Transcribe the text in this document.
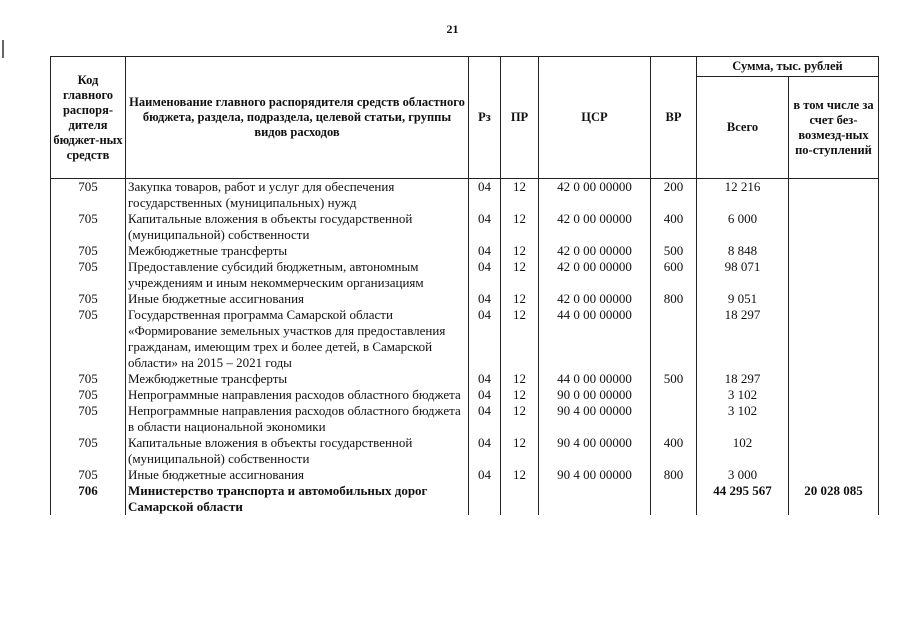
21
Код главного распоря-дителя бюджет-ных средств	Наименование главного распорядителя средств областного бюджета, раздела, подраздела, целевой статьи, группы видов расходов	Рз	ПР	ЦСР	ВР	Сумма, тыс. рублей	
						Всего	в том числе за счет без-возмезд-ных по-ступлений
705	Закупка товаров, работ и услуг для обеспечения государственных (муниципальных) нужд	04	12	42 0 00 00000	200	12 216	
705	Капитальные вложения в объекты государственной (муниципальной) собственности	04	12	42 0 00 00000	400	6 000	
705	Межбюджетные трансферты	04	12	42 0 00 00000	500	8 848	
705	Предоставление субсидий бюджетным, автономным учреждениям и иным некоммерческим организациям	04	12	42 0 00 00000	600	98 071	
705	Иные бюджетные ассигнования	04	12	42 0 00 00000	800	9 051	
705	Государственная программа Самарской области «Формирование земельных участков для предоставления гражданам, имеющим трех и более детей, в Самарской области» на 2015 – 2021 годы	04	12	44 0 00 00000		18 297	
705	Межбюджетные трансферты	04	12	44 0 00 00000	500	18 297	
705	Непрограммные направления расходов областного бюджета	04	12	90 0 00 00000		3 102	
705	Непрограммные направления расходов областного бюджета в области национальной экономики	04	12	90 4 00 00000		3 102	
705	Капитальные вложения в объекты государственной (муниципальной) собственности	04	12	90 4 00 00000	400	102	
705	Иные бюджетные ассигнования	04	12	90 4 00 00000	800	3 000	
706	Министерство транспорта и автомобильных дорог Самарской области					44 295 567	20 028 085
